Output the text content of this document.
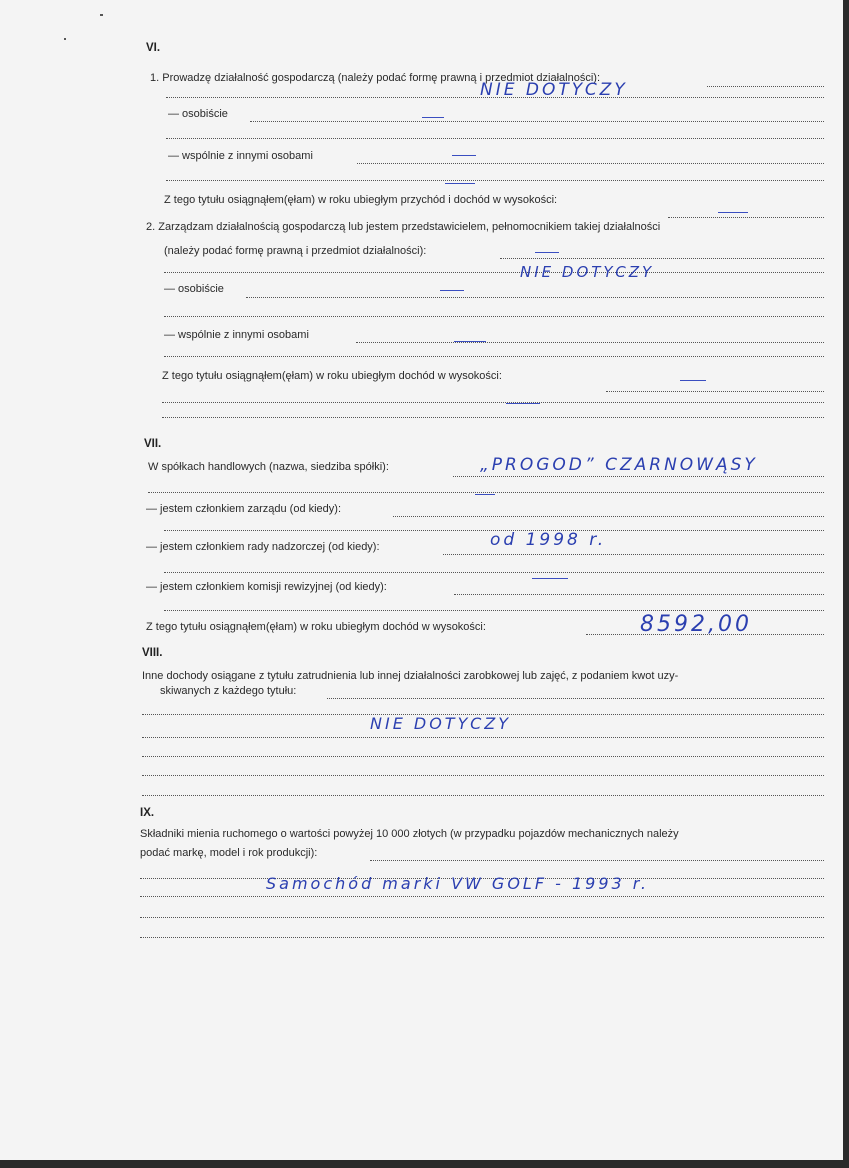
VI.
1. Prowadzę działalność gospodarczą (należy podać formę prawną i przedmiot działalności):
NIE DOTYCZY
— osobiście
— wspólnie z innymi osobami
Z tego tytułu osiągnąłem(ęłam) w roku ubiegłym przychód i dochód w wysokości:
2. Zarządzam działalnością gospodarczą lub jestem przedstawicielem, pełnomocnikiem takiej działalności
(należy podać formę prawną i przedmiot działalności):
NIE DOTYCZY
— osobiście
— wspólnie z innymi osobami
Z tego tytułu osiągnąłem(ęłam) w roku ubiegłym dochód w wysokości:
VII.
W spółkach handlowych (nazwa, siedziba spółki):	„PROGOD” CZARNOWĄSY
— jestem członkiem zarządu (od kiedy):
— jestem członkiem rady nadzorczej (od kiedy):	od 1998 r.
— jestem członkiem komisji rewizyjnej (od kiedy):
Z tego tytułu osiągnąłem(ęłam) w roku ubiegłym dochód w wysokości:	8592,00
VIII.
Inne dochody osiągane z tytułu zatrudnienia lub innej działalności zarobkowej lub zajęć, z podaniem kwot uzy-
skiwanych z każdego tytułu:
NIE DOTYCZY
IX.
Składniki mienia ruchomego o wartości powyżej 10 000 złotych (w przypadku pojazdów mechanicznych należy
podać markę, model i rok produkcji):
Samochód marki VW GOLF - 1993 r.
